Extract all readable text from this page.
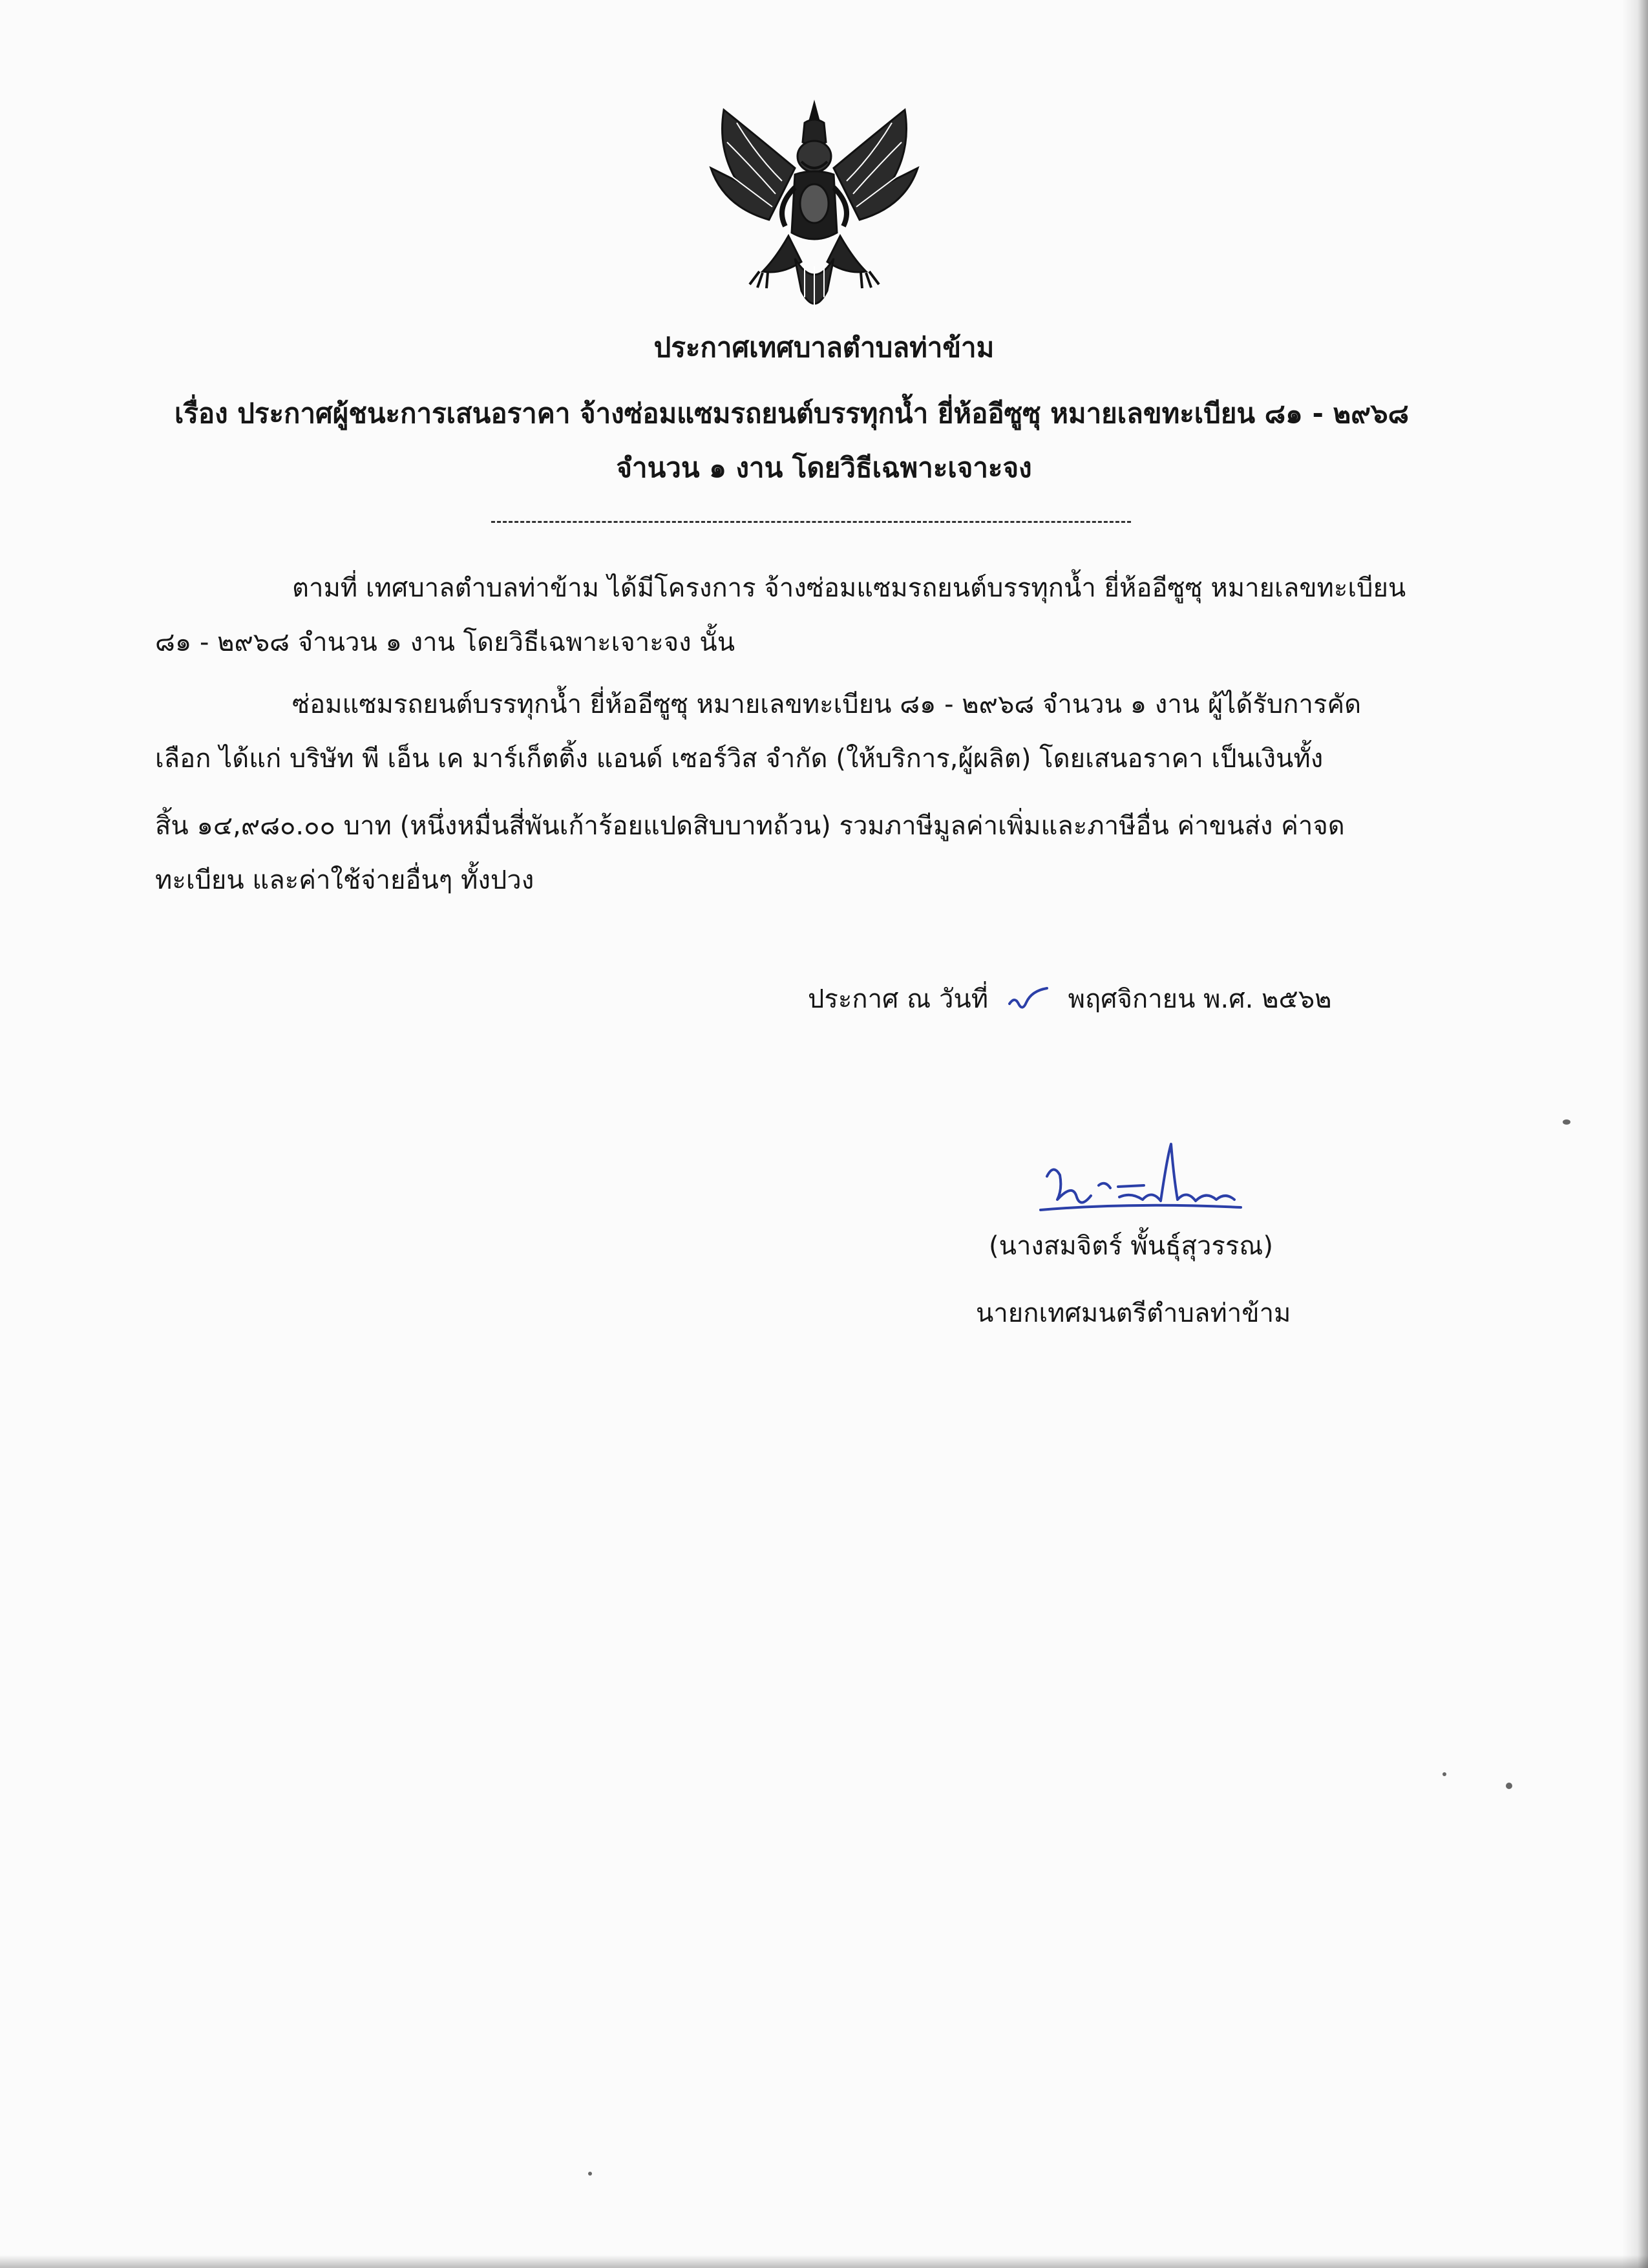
ประกาศเทศบาลตำบลท่าข้าม
เรื่อง ประกาศผู้ชนะการเสนอราคา จ้างซ่อมแซมรถยนต์บรรทุกน้ำ ยี่ห้ออีซูซุ หมายเลขทะเบียน ๘๑ - ๒๙๖๘
จำนวน ๑ งาน โดยวิธีเฉพาะเจาะจง
ตามที่ เทศบาลตำบลท่าข้าม ได้มีโครงการ จ้างซ่อมแซมรถยนต์บรรทุกน้ำ ยี่ห้ออีซูซุ หมายเลขทะเบียน
๘๑ - ๒๙๖๘ จำนวน ๑ งาน โดยวิธีเฉพาะเจาะจง นั้น
ซ่อมแซมรถยนต์บรรทุกน้ำ ยี่ห้ออีซูซุ หมายเลขทะเบียน ๘๑ - ๒๙๖๘ จำนวน ๑ งาน ผู้ได้รับการคัด
เลือก ได้แก่ บริษัท พี เอ็น เค มาร์เก็ตติ้ง แอนด์ เซอร์วิส จำกัด (ให้บริการ,ผู้ผลิต) โดยเสนอราคา เป็นเงินทั้ง
สิ้น ๑๔,๙๘๐.๐๐ บาท (หนึ่งหมื่นสี่พันเก้าร้อยแปดสิบบาทถ้วน) รวมภาษีมูลค่าเพิ่มและภาษีอื่น ค่าขนส่ง ค่าจด
ทะเบียน และค่าใช้จ่ายอื่นๆ ทั้งปวง
ประกาศ ณ วันที่	พฤศจิกายน พ.ศ. ๒๕๖๒
(นางสมจิตร์ พั้นธุ์สุวรรณ)
นายกเทศมนตรีตำบลท่าข้าม
